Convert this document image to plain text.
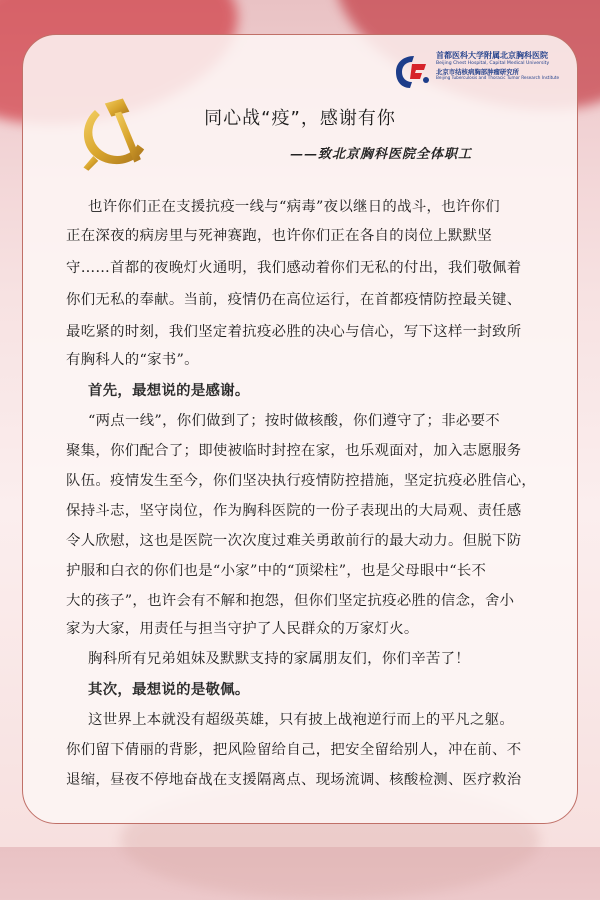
首都医科大学附属北京胸科医院
Beijing Chest Hospital, Capital Medical University
北京市结核病胸部肿瘤研究所
Beijing Tuberculosis and Thoracic Tumor Research Institute
同心战“疫”，感谢有你
——致北京胸科医院全体职工
也许你们正在支援抗疫一线与“病毒”夜以继日的战斗，也许你们
正在深夜的病房里与死神赛跑，也许你们正在各自的岗位上默默坚
守……首都的夜晚灯火通明，我们感动着你们无私的付出，我们敬佩着
你们无私的奉献。当前，疫情仍在高位运行，在首都疫情防控最关键、
最吃紧的时刻，我们坚定着抗疫必胜的决心与信心，写下这样一封致所
有胸科人的“家书”。
首先，最想说的是感谢。
“两点一线”，你们做到了；按时做核酸，你们遵守了；非必要不
聚集，你们配合了；即使被临时封控在家，也乐观面对，加入志愿服务
队伍。疫情发生至今，你们坚决执行疫情防控措施，坚定抗疫必胜信心，
保持斗志，坚守岗位，作为胸科医院的一份子表现出的大局观、责任感
令人欣慰，这也是医院一次次度过难关勇敢前行的最大动力。但脱下防
护服和白衣的你们也是“小家”中的“顶梁柱”，也是父母眼中“长不
大的孩子”，也许会有不解和抱怨，但你们坚定抗疫必胜的信念，舍小
家为大家，用责任与担当守护了人民群众的万家灯火。
胸科所有兄弟姐妹及默默支持的家属朋友们，你们辛苦了！
其次，最想说的是敬佩。
这世界上本就没有超级英雄，只有披上战袍逆行而上的平凡之躯。
你们留下倩丽的背影，把风险留给自己，把安全留给别人，冲在前、不
退缩，昼夜不停地奋战在支援隔离点、现场流调、核酸检测、医疗救治
